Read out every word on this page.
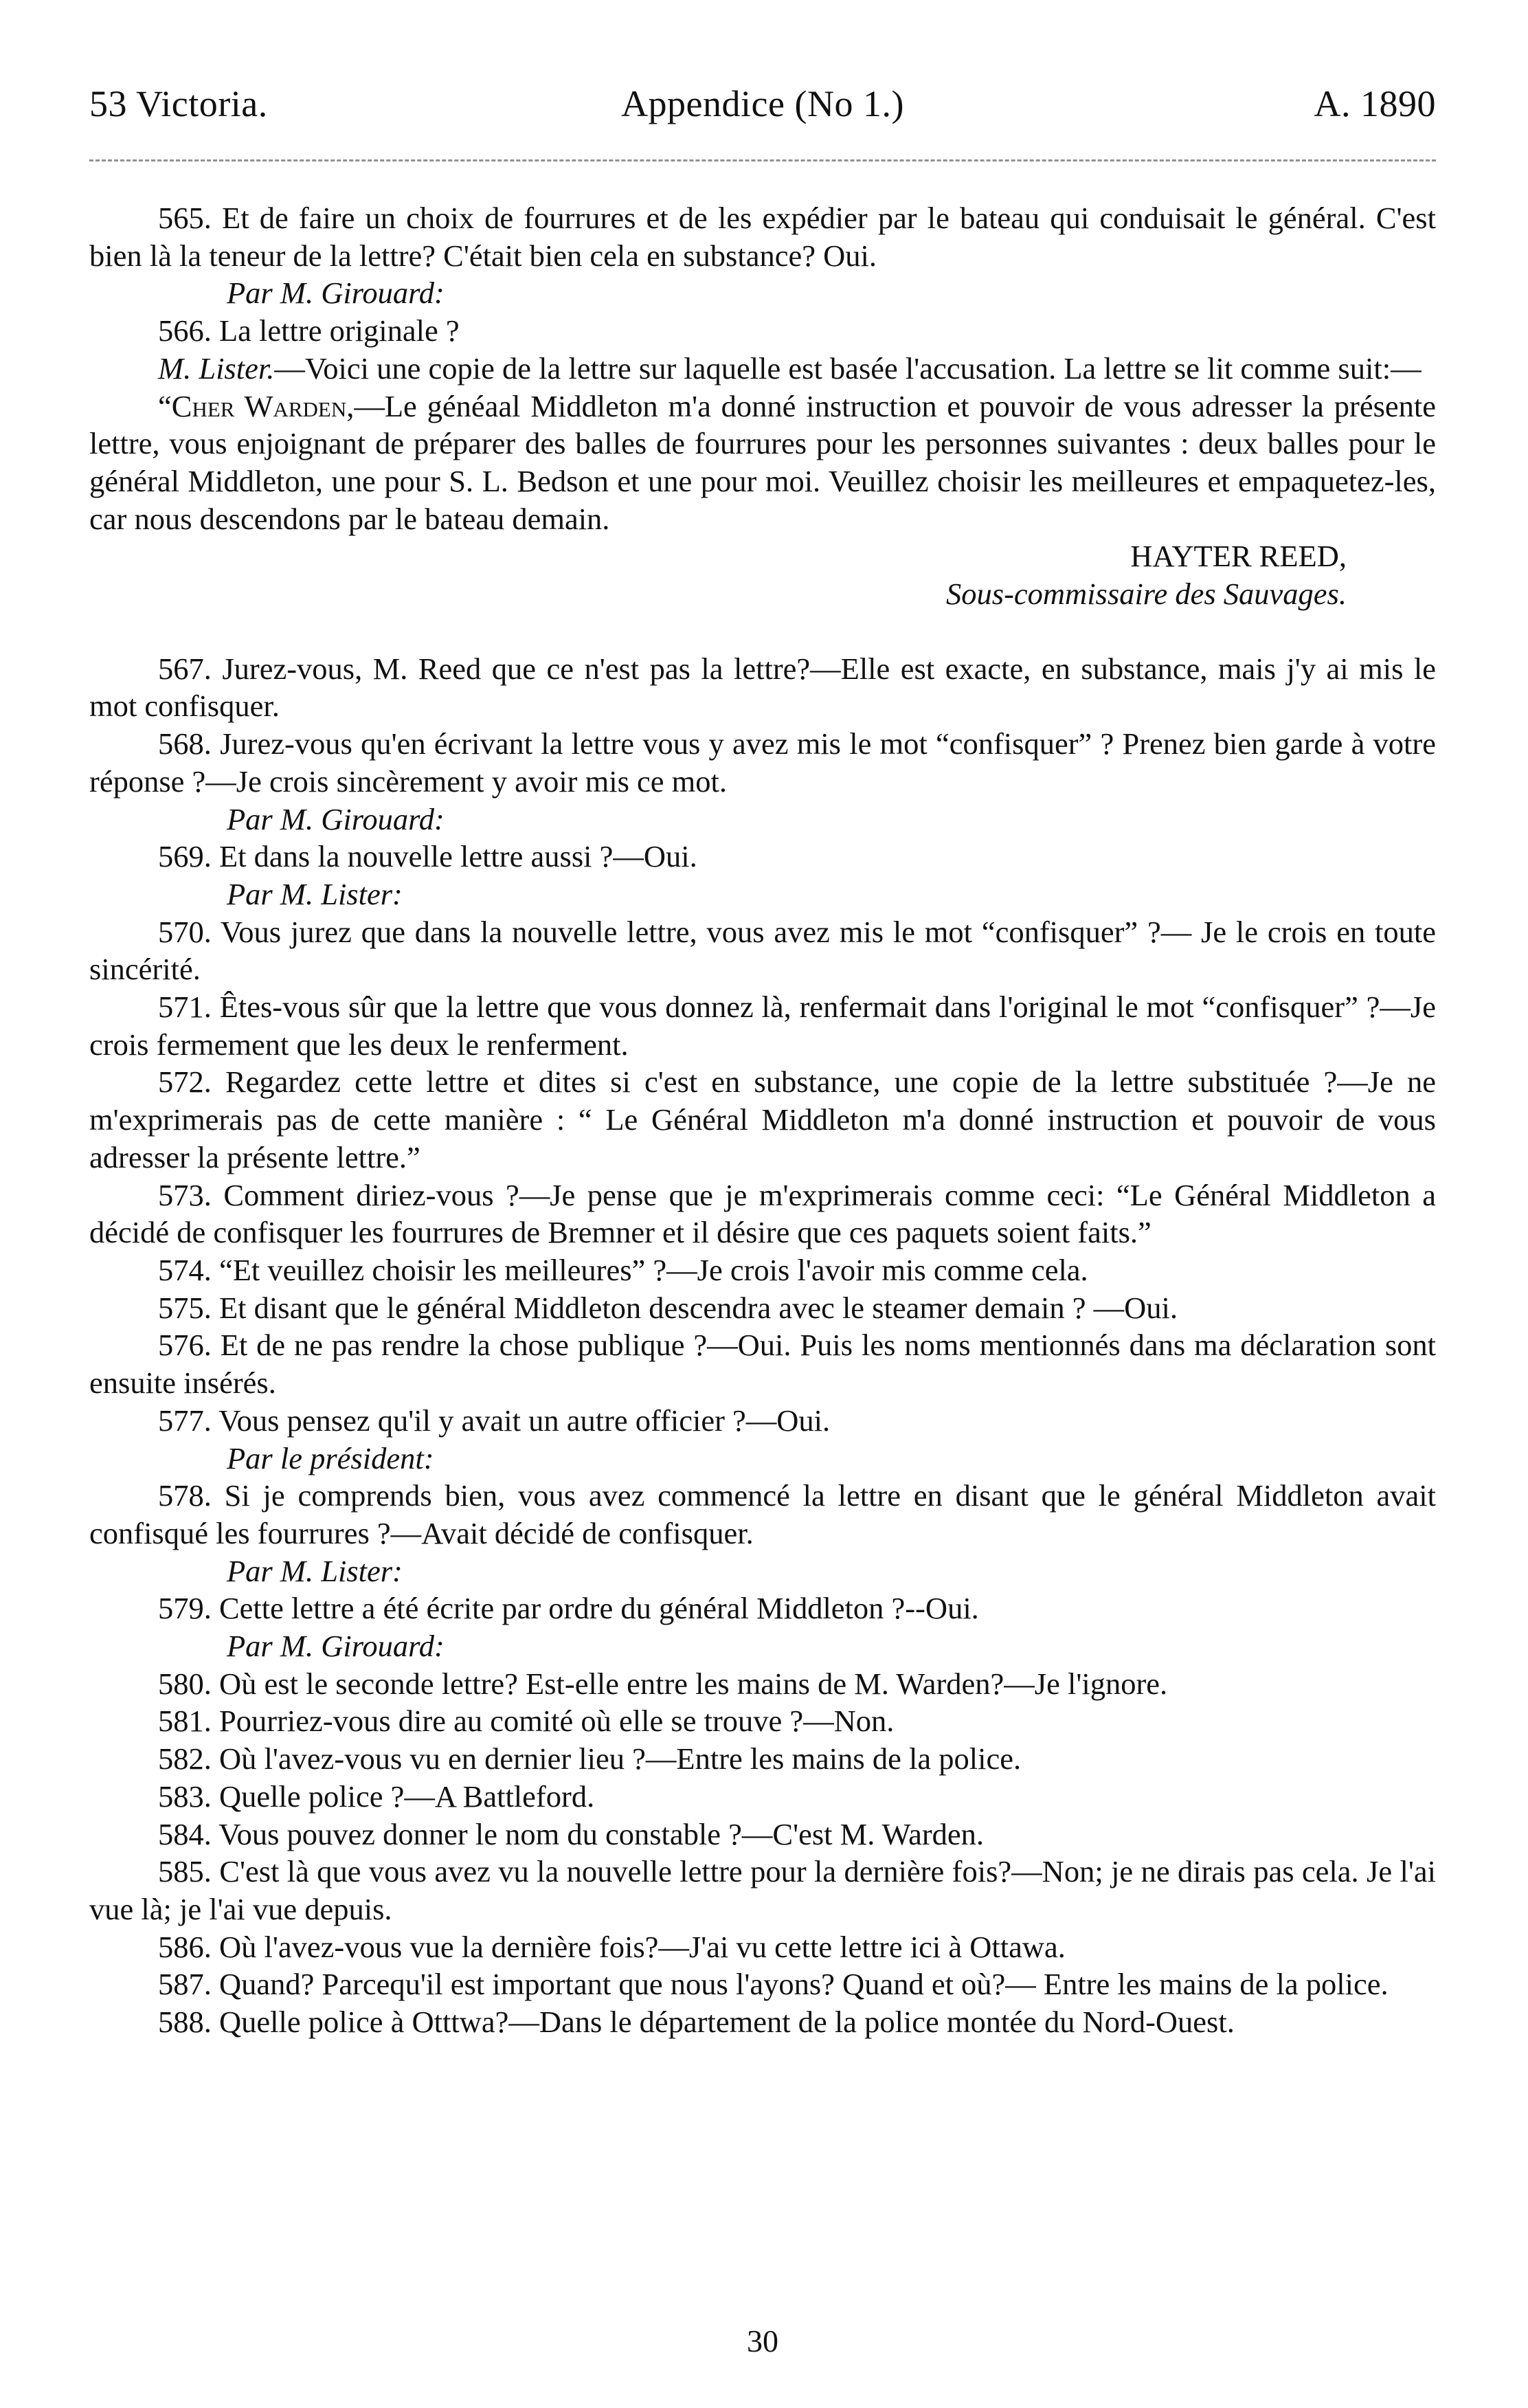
53 Victoria.	Appendice (No 1.)	A. 1890

565. Et de faire un choix de fourrures et de les expédier par le bateau qui conduisait le général. C'est bien là la teneur de la lettre? C'était bien cela en substance? Oui.

Par M. Girouard:

566. La lettre originale ?

M. Lister.—Voici une copie de la lettre sur laquelle est basée l'accusation. La lettre se lit comme suit:—

“Cher Warden,—Le généaal Middleton m'a donné instruction et pouvoir de vous adresser la présente lettre, vous enjoignant de préparer des balles de fourrures pour les personnes suivantes : deux balles pour le général Middleton, une pour S. L. Bedson et une pour moi. Veuillez choisir les meilleures et empaquetez-les, car nous descendons par le bateau demain.

HAYTER REED,

Sous-commissaire des Sauvages.

567. Jurez-vous, M. Reed que ce n'est pas la lettre?—Elle est exacte, en substance, mais j'y ai mis le mot confisquer.

568. Jurez-vous qu'en écrivant la lettre vous y avez mis le mot “confisquer” ? Prenez bien garde à votre réponse ?—Je crois sincèrement y avoir mis ce mot.

Par M. Girouard:

569. Et dans la nouvelle lettre aussi ?—Oui.

Par M. Lister:

570. Vous jurez que dans la nouvelle lettre, vous avez mis le mot “confisquer” ?— Je le crois en toute sincérité.

571. Êtes-vous sûr que la lettre que vous donnez là, renfermait dans l'original le mot “confisquer” ?—Je crois fermement que les deux le renferment.

572. Regardez cette lettre et dites si c'est en substance, une copie de la lettre substituée ?—Je ne m'exprimerais pas de cette manière : “ Le Général Middleton m'a donné instruction et pouvoir de vous adresser la présente lettre.”

573. Comment diriez-vous ?—Je pense que je m'exprimerais comme ceci: “Le Général Middleton a décidé de confisquer les fourrures de Bremner et il désire que ces paquets soient faits.”

574. “Et veuillez choisir les meilleures” ?—Je crois l'avoir mis comme cela.

575. Et disant que le général Middleton descendra avec le steamer demain ? —Oui.

576. Et de ne pas rendre la chose publique ?—Oui. Puis les noms mentionnés dans ma déclaration sont ensuite insérés.

577. Vous pensez qu'il y avait un autre officier ?—Oui.

Par le président:

578. Si je comprends bien, vous avez commencé la lettre en disant que le général Middleton avait confisqué les fourrures ?—Avait décidé de confisquer.

Par M. Lister:

579. Cette lettre a été écrite par ordre du général Middleton ?--Oui.

Par M. Girouard:

580. Où est le seconde lettre? Est-elle entre les mains de M. Warden?—Je l'ignore.

581. Pourriez-vous dire au comité où elle se trouve ?—Non.

582. Où l'avez-vous vu en dernier lieu ?—Entre les mains de la police.

583. Quelle police ?—A Battleford.

584. Vous pouvez donner le nom du constable ?—C'est M. Warden.

585. C'est là que vous avez vu la nouvelle lettre pour la dernière fois?—Non; je ne dirais pas cela. Je l'ai vue là; je l'ai vue depuis.

586. Où l'avez-vous vue la dernière fois?—J'ai vu cette lettre ici à Ottawa.

587. Quand? Parcequ'il est important que nous l'ayons? Quand et où?— Entre les mains de la police.

588. Quelle police à Otttwa?—Dans le département de la police montée du Nord-Ouest.

30
